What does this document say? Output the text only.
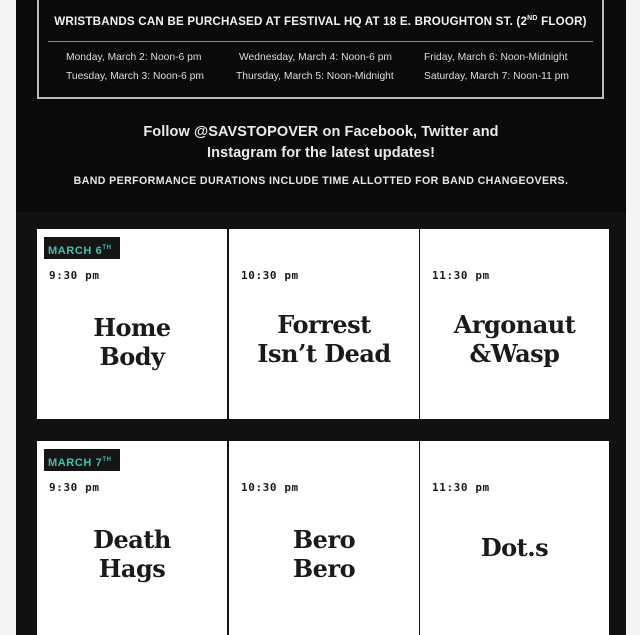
WRISTBANDS CAN BE PURCHASED AT FESTIVAL HQ AT 18 E. BROUGHTON ST. (2ND FLOOR)
Monday, March 2: Noon-6 pm	Wednesday, March 4: Noon-6 pm	Friday, March 6: Noon-Midnight
Tuesday, March 3: Noon-6 pm	Thursday, March 5: Noon-Midnight	Saturday, March 7: Noon-11 pm
Follow @SAVSTOPOVER on Facebook, Twitter and
Instagram for the latest updates!
BAND PERFORMANCE DURATIONS INCLUDE TIME ALLOTTED FOR BAND CHANGEOVERS.
MARCH 6TH
9:30 pm
Home
Body
10:30 pm
Forrest
Isn’t Dead
11:30 pm
Argonaut
&Wasp
MARCH 7TH
9:30 pm
Death
Hags
10:30 pm
Bero
Bero
11:30 pm
Dot.s
